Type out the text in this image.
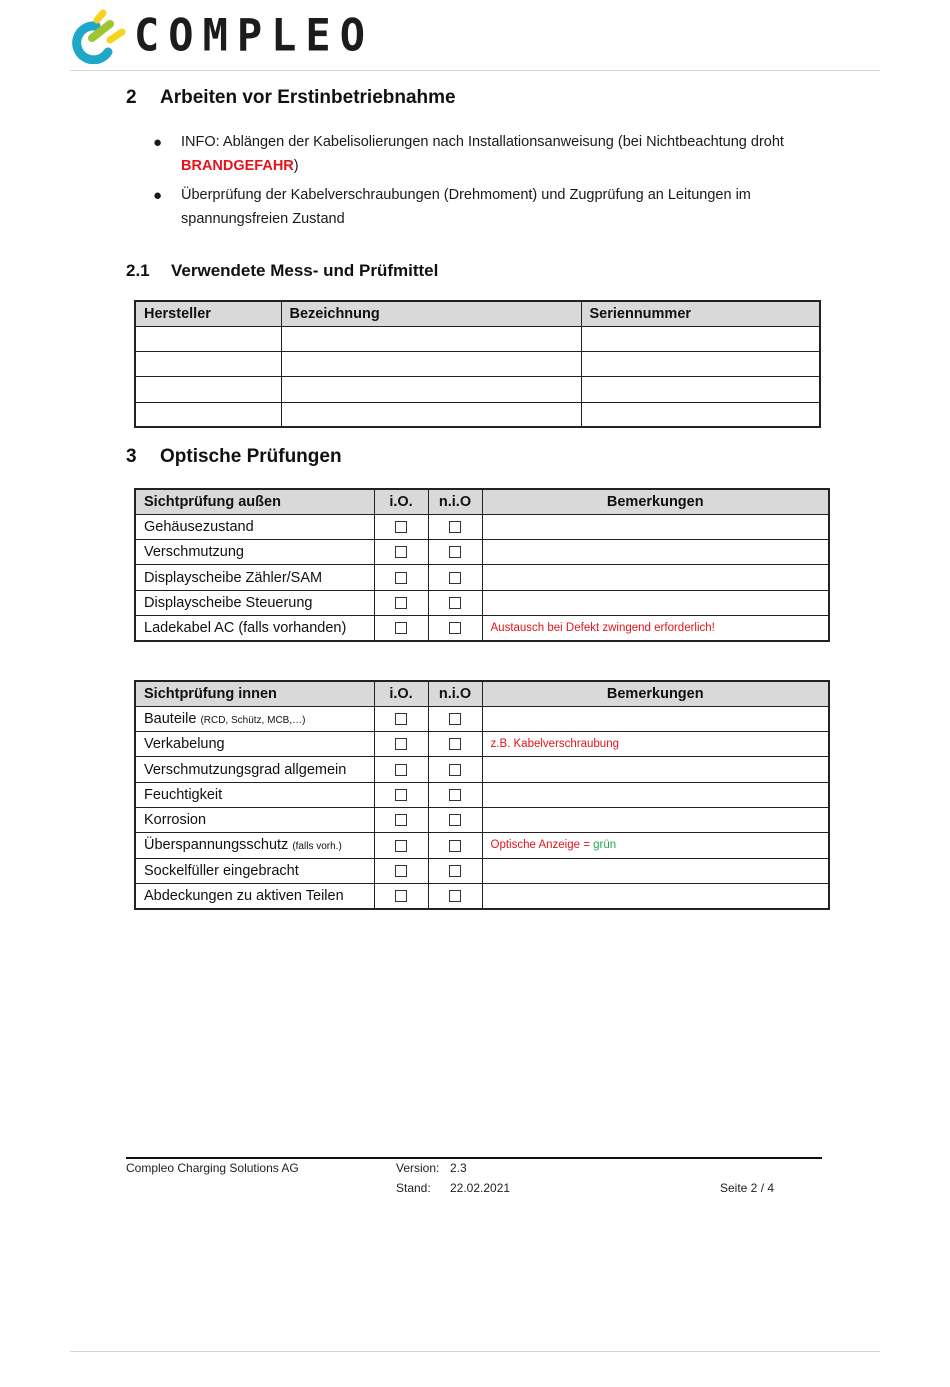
COMPLEO
2	Arbeiten vor Erstinbetriebnahme
●	INFO: Ablängen der Kabelisolierungen nach Installationsanweisung (bei Nichtbeachtung droht BRANDGEFAHR)
●	Überprüfung der Kabelverschraubungen (Drehmoment) und Zugprüfung an Leitungen im spannungsfreien Zustand
2.1	Verwendete Mess- und Prüfmittel
Hersteller	Bezeichnung	Seriennummer

3	Optische Prüfungen
Sichtprüfung außen	i.O.	n.i.O	Bemerkungen
Gehäusezustand			
Verschmutzung			
Displayscheibe Zähler/SAM			
Displayscheibe Steuerung			
Ladekabel AC (falls vorhanden)			Austausch bei Defekt zwingend erforderlich!
Sichtprüfung innen	i.O.	n.i.O	Bemerkungen
Bauteile (RCD, Schütz, MCB,…)			
Verkabelung			z.B. Kabelverschraubung
Verschmutzungsgrad allgemein			
Feuchtigkeit			
Korrosion			
Überspannungsschutz (falls vorh.)			Optische Anzeige = grün
Sockelfüller eingebracht			
Abdeckungen zu aktiven Teilen			
Compleo Charging Solutions AG	Version: 2.3
Stand: 22.02.2021	Seite 2 / 4
